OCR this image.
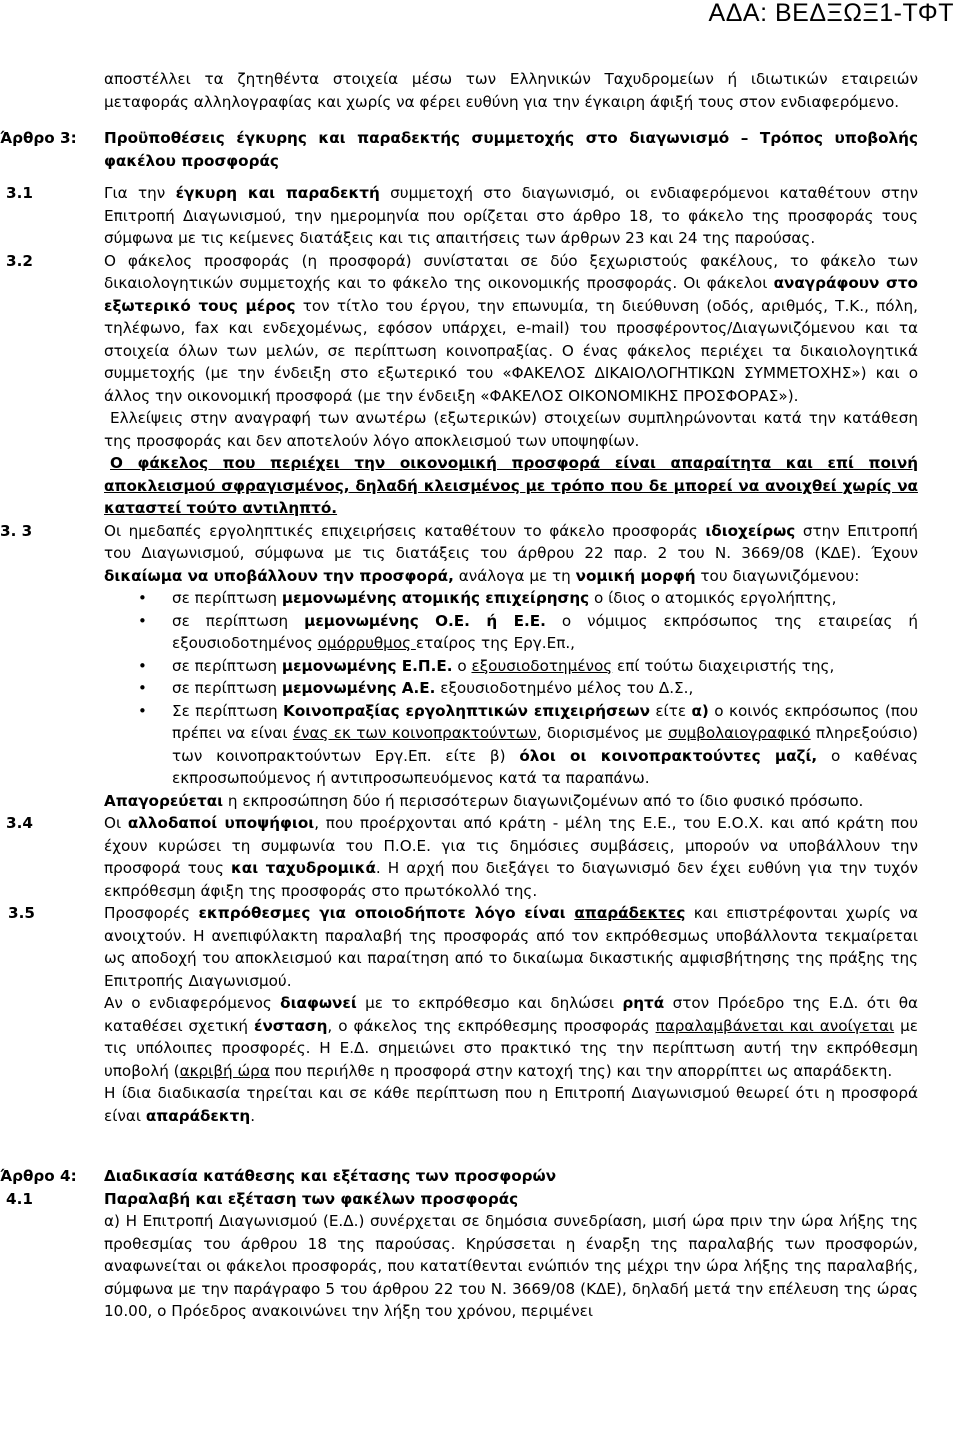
ΑΔΑ: ΒΕΔΞΩΞ1-ΤΦΤ

αποστέλλει τα ζητηθέντα στοιχεία μέσω των Ελληνικών Ταχυδρομείων ή ιδιωτικών εταιρειών μεταφοράς αλληλογραφίας και χωρίς να φέρει ευθύνη για την έγκαιρη άφιξή τους στον ενδιαφερόμενο.

Άρθρο 3:	Προϋποθέσεις έγκυρης και παραδεκτής συμμετοχής στο διαγωνισμό – Τρόπος υποβολής φακέλου προσφοράς
3.1	Για την έγκυρη και παραδεκτή συμμετοχή στο διαγωνισμό, οι ενδιαφερόμενοι καταθέτουν στην Επιτροπή Διαγωνισμού, την ημερομηνία που ορίζεται στο άρθρο 18, το φάκελο της προσφοράς τους σύμφωνα με τις κείμενες διατάξεις και τις απαιτήσεις των άρθρων 23 και 24 της παρούσας.

3.2	Ο φάκελος προσφοράς (η προσφορά) συνίσταται σε δύο ξεχωριστούς φακέλους, το φάκελο των δικαιολογητικών συμμετοχής και το φάκελο της οικονομικής προσφοράς. Οι φάκελοι αναγράφουν στο εξωτερικό τους μέρος τον τίτλο του έργου, την επωνυμία, τη διεύθυνση (οδός, αριθμός, Τ.Κ., πόλη, τηλέφωνο, fax και ενδεχομένως, εφόσον υπάρχει, e-mail) του προσφέροντος/Διαγωνιζόμενου και τα στοιχεία όλων των μελών, σε περίπτωση κοινοπραξίας. Ο ένας φάκελος περιέχει τα δικαιολογητικά συμμετοχής (με την ένδειξη στο εξωτερικό του «ΦΑΚΕΛΟΣ ΔΙΚΑΙΟΛΟΓΗΤΙΚΩΝ ΣΥΜΜΕΤΟΧΗΣ») και ο άλλος την οικονομική προσφορά (με την ένδειξη «ΦΑΚΕΛΟΣ ΟΙΚΟΝΟΜΙΚΗΣ ΠΡΟΣΦΟΡΑΣ»).

Ελλείψεις στην αναγραφή των ανωτέρω (εξωτερικών) στοιχείων συμπληρώνονται κατά την κατάθεση της προσφοράς και δεν αποτελούν λόγο αποκλεισμού των υποψηφίων.

Ο φάκελος που περιέχει την οικονομική προσφορά είναι απαραίτητα και επί ποινή αποκλεισμού σφραγισμένος, δηλαδή κλεισμένος με τρόπο που δε μπορεί να ανοιχθεί χωρίς να καταστεί τούτο αντιληπτό.

3. 3	Οι ημεδαπές εργοληπτικές επιχειρήσεις καταθέτουν το φάκελο προσφοράς ιδιοχείρως στην Επιτροπή του Διαγωνισμού, σύμφωνα με τις διατάξεις του άρθρου 22 παρ. 2 του Ν. 3669/08 (ΚΔΕ). Έχουν δικαίωμα να υποβάλλουν την προσφορά, ανάλογα με τη νομική μορφή του διαγωνιζόμενου:

• σε περίπτωση μεμονωμένης ατομικής επιχείρησης ο ίδιος ο ατομικός εργολήπτης,
• σε περίπτωση μεμονωμένης Ο.Ε. ή Ε.Ε. ο νόμιμος εκπρόσωπος της εταιρείας ή εξουσιοδοτημένος ομόρρυθμος εταίρος της Εργ.Επ.,
• σε περίπτωση μεμονωμένης Ε.Π.Ε. ο εξουσιοδοτημένος επί τούτω διαχειριστής της,
• σε περίπτωση μεμονωμένης Α.Ε. εξουσιοδοτημένο μέλος του Δ.Σ.,
• Σε περίπτωση Κοινοπραξίας εργοληπτικών επιχειρήσεων είτε α) ο κοινός εκπρόσωπος (που πρέπει να είναι ένας εκ των κοινοπρακτούντων, διορισμένος με συμβολαιογραφικό πληρεξούσιο) των κοινοπρακτούντων Εργ.Επ. είτε β) όλοι οι κοινοπρακτούντες μαζί, ο καθένας εκπροσωπούμενος ή αντιπροσωπευόμενος κατά τα παραπάνω.

Απαγορεύεται η εκπροσώπηση δύο ή περισσότερων διαγωνιζομένων από το ίδιο φυσικό πρόσωπο.

3.4	Οι αλλοδαποί υποψήφιοι, που προέρχονται από κράτη - μέλη της Ε.Ε., του Ε.Ο.Χ. και από κράτη που έχουν κυρώσει τη συμφωνία του Π.Ο.Ε. για τις δημόσιες συμβάσεις, μπορούν να υποβάλλουν την προσφορά τους και ταχυδρομικά. Η αρχή που διεξάγει το διαγωνισμό δεν έχει ευθύνη για την τυχόν εκπρόθεσμη άφιξη της προσφοράς στο πρωτόκολλό της.

3.5	Προσφορές εκπρόθεσμες για οποιοδήποτε λόγο είναι απαράδεκτες και επιστρέφονται χωρίς να ανοιχτούν. Η ανεπιφύλακτη παραλαβή της προσφοράς από τον εκπρόθεσμως υποβάλλοντα τεκμαίρεται ως αποδοχή του αποκλεισμού και παραίτηση από το δικαίωμα δικαστικής αμφισβήτησης της πράξης της Επιτροπής Διαγωνισμού.

Αν ο ενδιαφερόμενος διαφωνεί με το εκπρόθεσμο και δηλώσει ρητά στον Πρόεδρο της Ε.Δ. ότι θα καταθέσει σχετική ένσταση, ο φάκελος της εκπρόθεσμης προσφοράς παραλαμβάνεται και ανοίγεται με τις υπόλοιπες προσφορές. Η Ε.Δ. σημειώνει στο πρακτικό της την περίπτωση αυτή την εκπρόθεσμη υποβολή (ακριβή ώρα που περιήλθε η προσφορά στην κατοχή της) και την απορρίπτει ως απαράδεκτη.

Η ίδια διαδικασία τηρείται και σε κάθε περίπτωση που η Επιτροπή Διαγωνισμού θεωρεί ότι η προσφορά είναι απαράδεκτη.

Άρθρο 4:	Διαδικασία κατάθεσης και εξέτασης των προσφορών
4.1	Παραλαβή και εξέταση των φακέλων προσφοράς

α) Η Επιτροπή Διαγωνισμού (Ε.Δ.) συνέρχεται σε δημόσια συνεδρίαση, μισή ώρα πριν την ώρα λήξης της προθεσμίας του άρθρου 18 της παρούσας. Κηρύσσεται η έναρξη της παραλαβής των προσφορών, αναφωνείται οι φάκελοι προσφοράς, που κατατίθενται ενώπιόν της μέχρι την ώρα λήξης της παραλαβής, σύμφωνα με την παράγραφο 5 του άρθρου 22 του Ν. 3669/08 (ΚΔΕ), δηλαδή μετά την επέλευση της ώρας 10.00, ο Πρόεδρος ανακοινώνει την λήξη του χρόνου, περιμένει
